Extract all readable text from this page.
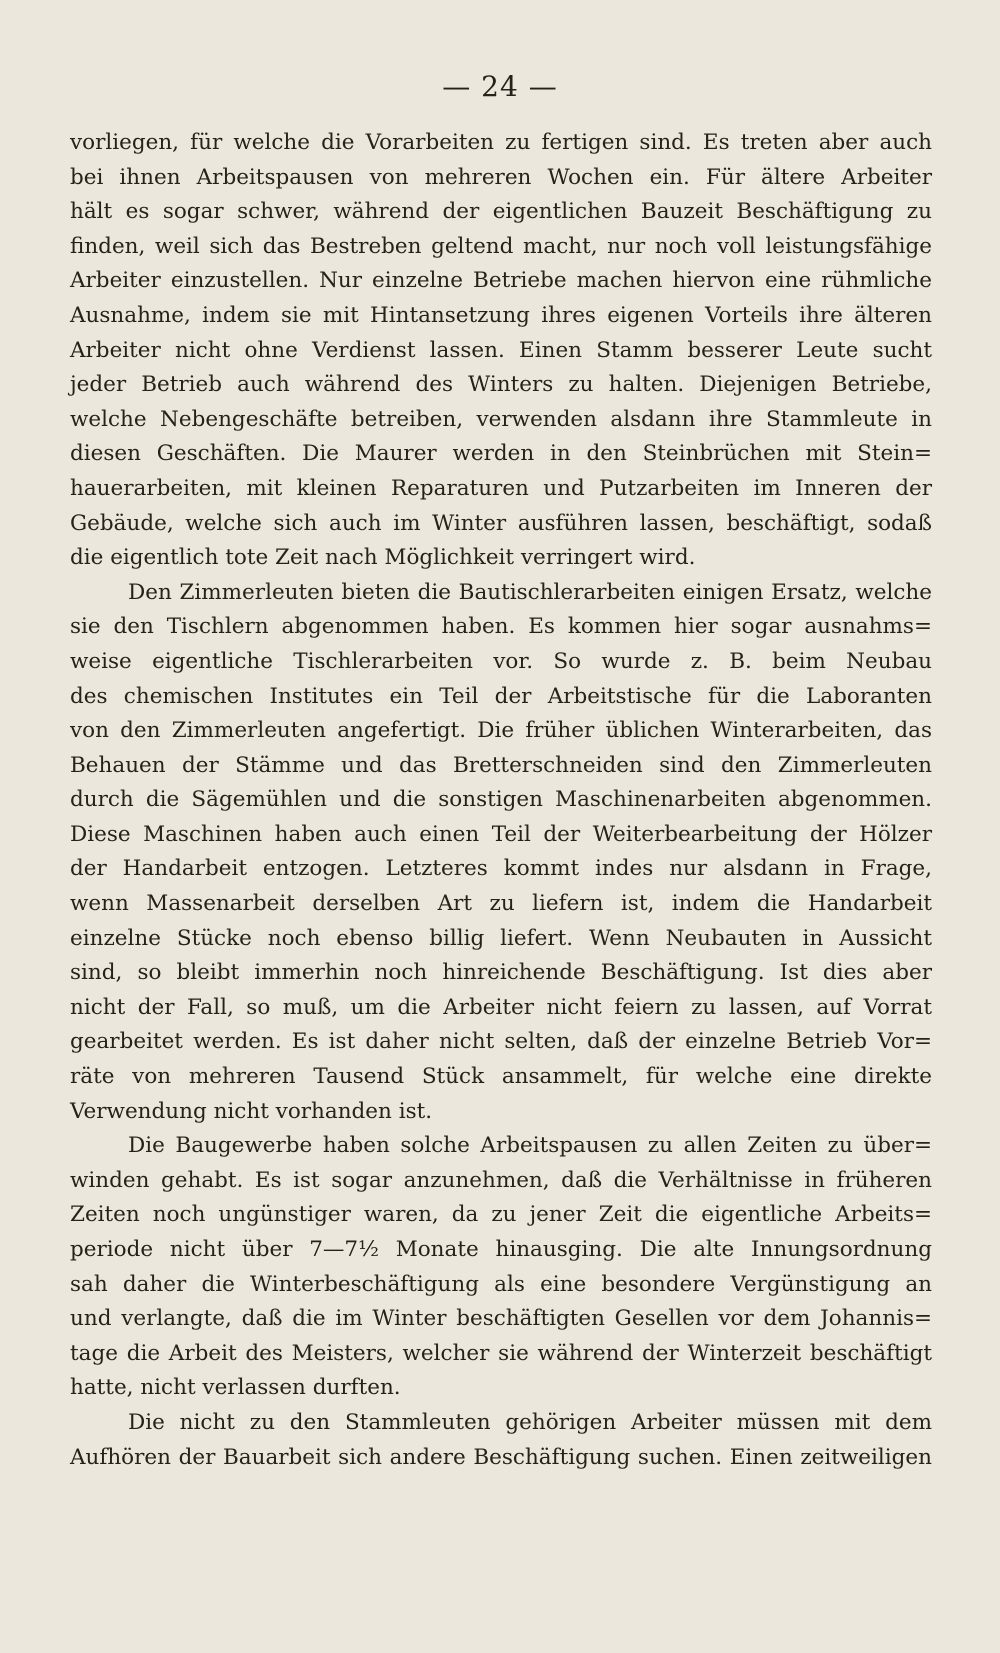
— 24 —
vorliegen, für welche die Vorarbeiten zu fertigen sind. Es treten aber auch
bei ihnen Arbeitspausen von mehreren Wochen ein. Für ältere Arbeiter
hält es sogar schwer, während der eigentlichen Bauzeit Beschäftigung zu
finden, weil sich das Bestreben geltend macht, nur noch voll leistungsfähige
Arbeiter einzustellen. Nur einzelne Betriebe machen hiervon eine rühmliche
Ausnahme, indem sie mit Hintansetzung ihres eigenen Vorteils ihre älteren
Arbeiter nicht ohne Verdienst lassen. Einen Stamm besserer Leute sucht
jeder Betrieb auch während des Winters zu halten. Diejenigen Betriebe,
welche Nebengeschäfte betreiben, verwenden alsdann ihre Stammleute in
diesen Geschäften. Die Maurer werden in den Steinbrüchen mit Stein=
hauerarbeiten, mit kleinen Reparaturen und Putzarbeiten im Inneren der
Gebäude, welche sich auch im Winter ausführen lassen, beschäftigt, sodaß
die eigentlich tote Zeit nach Möglichkeit verringert wird.
Den Zimmerleuten bieten die Bautischlerarbeiten einigen Ersatz, welche
sie den Tischlern abgenommen haben. Es kommen hier sogar ausnahms=
weise eigentliche Tischlerarbeiten vor. So wurde z. B. beim Neubau
des chemischen Institutes ein Teil der Arbeitstische für die Laboranten
von den Zimmerleuten angefertigt. Die früher üblichen Winterarbeiten, das
Behauen der Stämme und das Bretterschneiden sind den Zimmerleuten
durch die Sägemühlen und die sonstigen Maschinenarbeiten abgenommen.
Diese Maschinen haben auch einen Teil der Weiterbearbeitung der Hölzer
der Handarbeit entzogen. Letzteres kommt indes nur alsdann in Frage,
wenn Massenarbeit derselben Art zu liefern ist, indem die Handarbeit
einzelne Stücke noch ebenso billig liefert. Wenn Neubauten in Aussicht
sind, so bleibt immerhin noch hinreichende Beschäftigung. Ist dies aber
nicht der Fall, so muß, um die Arbeiter nicht feiern zu lassen, auf Vorrat
gearbeitet werden. Es ist daher nicht selten, daß der einzelne Betrieb Vor=
räte von mehreren Tausend Stück ansammelt, für welche eine direkte
Verwendung nicht vorhanden ist.
Die Baugewerbe haben solche Arbeitspausen zu allen Zeiten zu über=
winden gehabt. Es ist sogar anzunehmen, daß die Verhältnisse in früheren
Zeiten noch ungünstiger waren, da zu jener Zeit die eigentliche Arbeits=
periode nicht über 7—7½ Monate hinausging. Die alte Innungsordnung
sah daher die Winterbeschäftigung als eine besondere Vergünstigung an
und verlangte, daß die im Winter beschäftigten Gesellen vor dem Johannis=
tage die Arbeit des Meisters, welcher sie während der Winterzeit beschäftigt
hatte, nicht verlassen durften.
Die nicht zu den Stammleuten gehörigen Arbeiter müssen mit dem
Aufhören der Bauarbeit sich andere Beschäftigung suchen. Einen zeitweiligen
